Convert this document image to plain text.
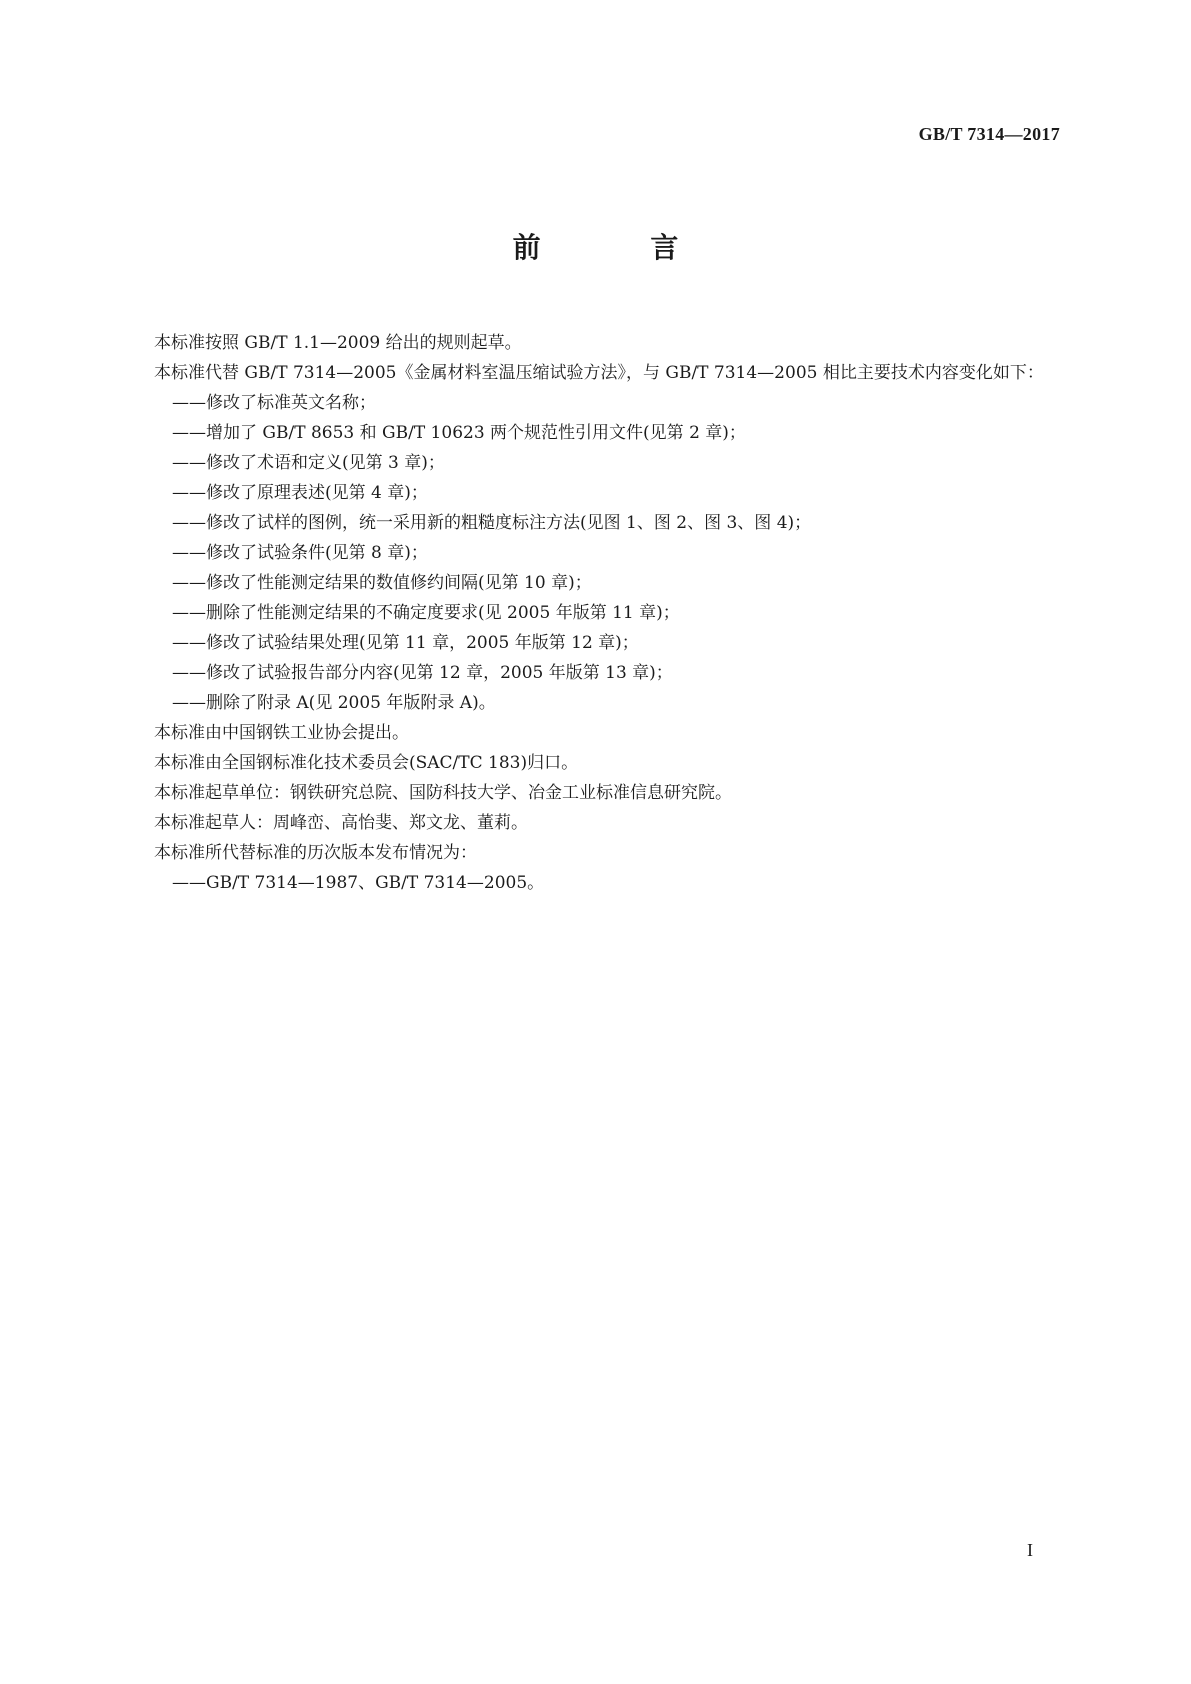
GB/T 7314—2017
前 言

本标准按照 GB/T 1.1—2009 给出的规则起草。

本标准代替 GB/T 7314—2005《金属材料室温压缩试验方法》，与 GB/T 7314—2005 相比主要技术内容变化如下：

——修改了标准英文名称；

——增加了 GB/T 8653 和 GB/T 10623 两个规范性引用文件(见第 2 章)；

——修改了术语和定义(见第 3 章)；

——修改了原理表述(见第 4 章)；

——修改了试样的图例，统一采用新的粗糙度标注方法(见图 1、图 2、图 3、图 4)；

——修改了试验条件(见第 8 章)；

——修改了性能测定结果的数值修约间隔(见第 10 章)；

——删除了性能测定结果的不确定度要求(见 2005 年版第 11 章)；

——修改了试验结果处理(见第 11 章，2005 年版第 12 章)；

——修改了试验报告部分内容(见第 12 章，2005 年版第 13 章)；

——删除了附录 A(见 2005 年版附录 A)。

本标准由中国钢铁工业协会提出。

本标准由全国钢标准化技术委员会(SAC/TC 183)归口。

本标准起草单位：钢铁研究总院、国防科技大学、冶金工业标准信息研究院。

本标准起草人：周峰峦、高怡斐、郑文龙、董莉。

本标准所代替标准的历次版本发布情况为：

——GB/T 7314—1987、GB/T 7314—2005。

I
